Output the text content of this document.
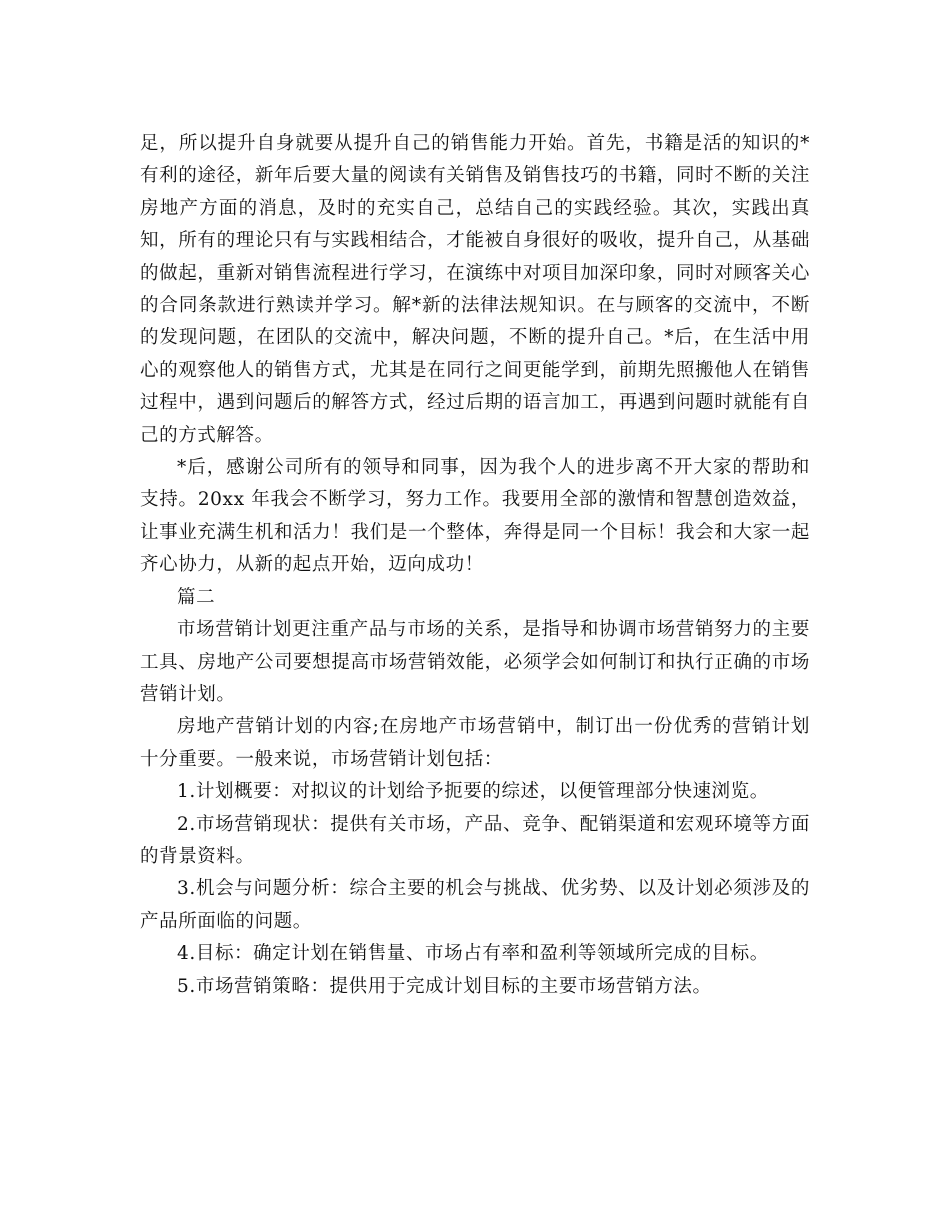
足，所以提升自身就要从提升自己的销售能力开始。首先，书籍是活的知识的*有利的途径，新年后要大量的阅读有关销售及销售技巧的书籍，同时不断的关注房地产方面的消息，及时的充实自己，总结自己的实践经验。其次，实践出真知，所有的理论只有与实践相结合，才能被自身很好的吸收，提升自己，从基础的做起，重新对销售流程进行学习，在演练中对项目加深印象，同时对顾客关心的合同条款进行熟读并学习。解*新的法律法规知识。在与顾客的交流中，不断的发现问题，在团队的交流中，解决问题，不断的提升自己。*后，在生活中用心的观察他人的销售方式，尤其是在同行之间更能学到，前期先照搬他人在销售过程中，遇到问题后的解答方式，经过后期的语言加工，再遇到问题时就能有自己的方式解答。

*后，感谢公司所有的领导和同事，因为我个人的进步离不开大家的帮助和支持。20xx 年我会不断学习，努力工作。我要用全部的激情和智慧创造效益，让事业充满生机和活力！我们是一个整体，奔得是同一个目标！我会和大家一起齐心协力，从新的起点开始，迈向成功！

篇二

市场营销计划更注重产品与市场的关系，是指导和协调市场营销努力的主要工具、房地产公司要想提高市场营销效能，必须学会如何制订和执行正确的市场营销计划。

房地产营销计划的内容;在房地产市场营销中，制订出一份优秀的营销计划十分重要。一般来说，市场营销计划包括：

1.计划概要：对拟议的计划给予扼要的综述，以便管理部分快速浏览。

2.市场营销现状：提供有关市场，产品、竞争、配销渠道和宏观环境等方面的背景资料。

3.机会与问题分析：综合主要的机会与挑战、优劣势、以及计划必须涉及的产品所面临的问题。

4.目标：确定计划在销售量、市场占有率和盈利等领域所完成的目标。

5.市场营销策略：提供用于完成计划目标的主要市场营销方法。
